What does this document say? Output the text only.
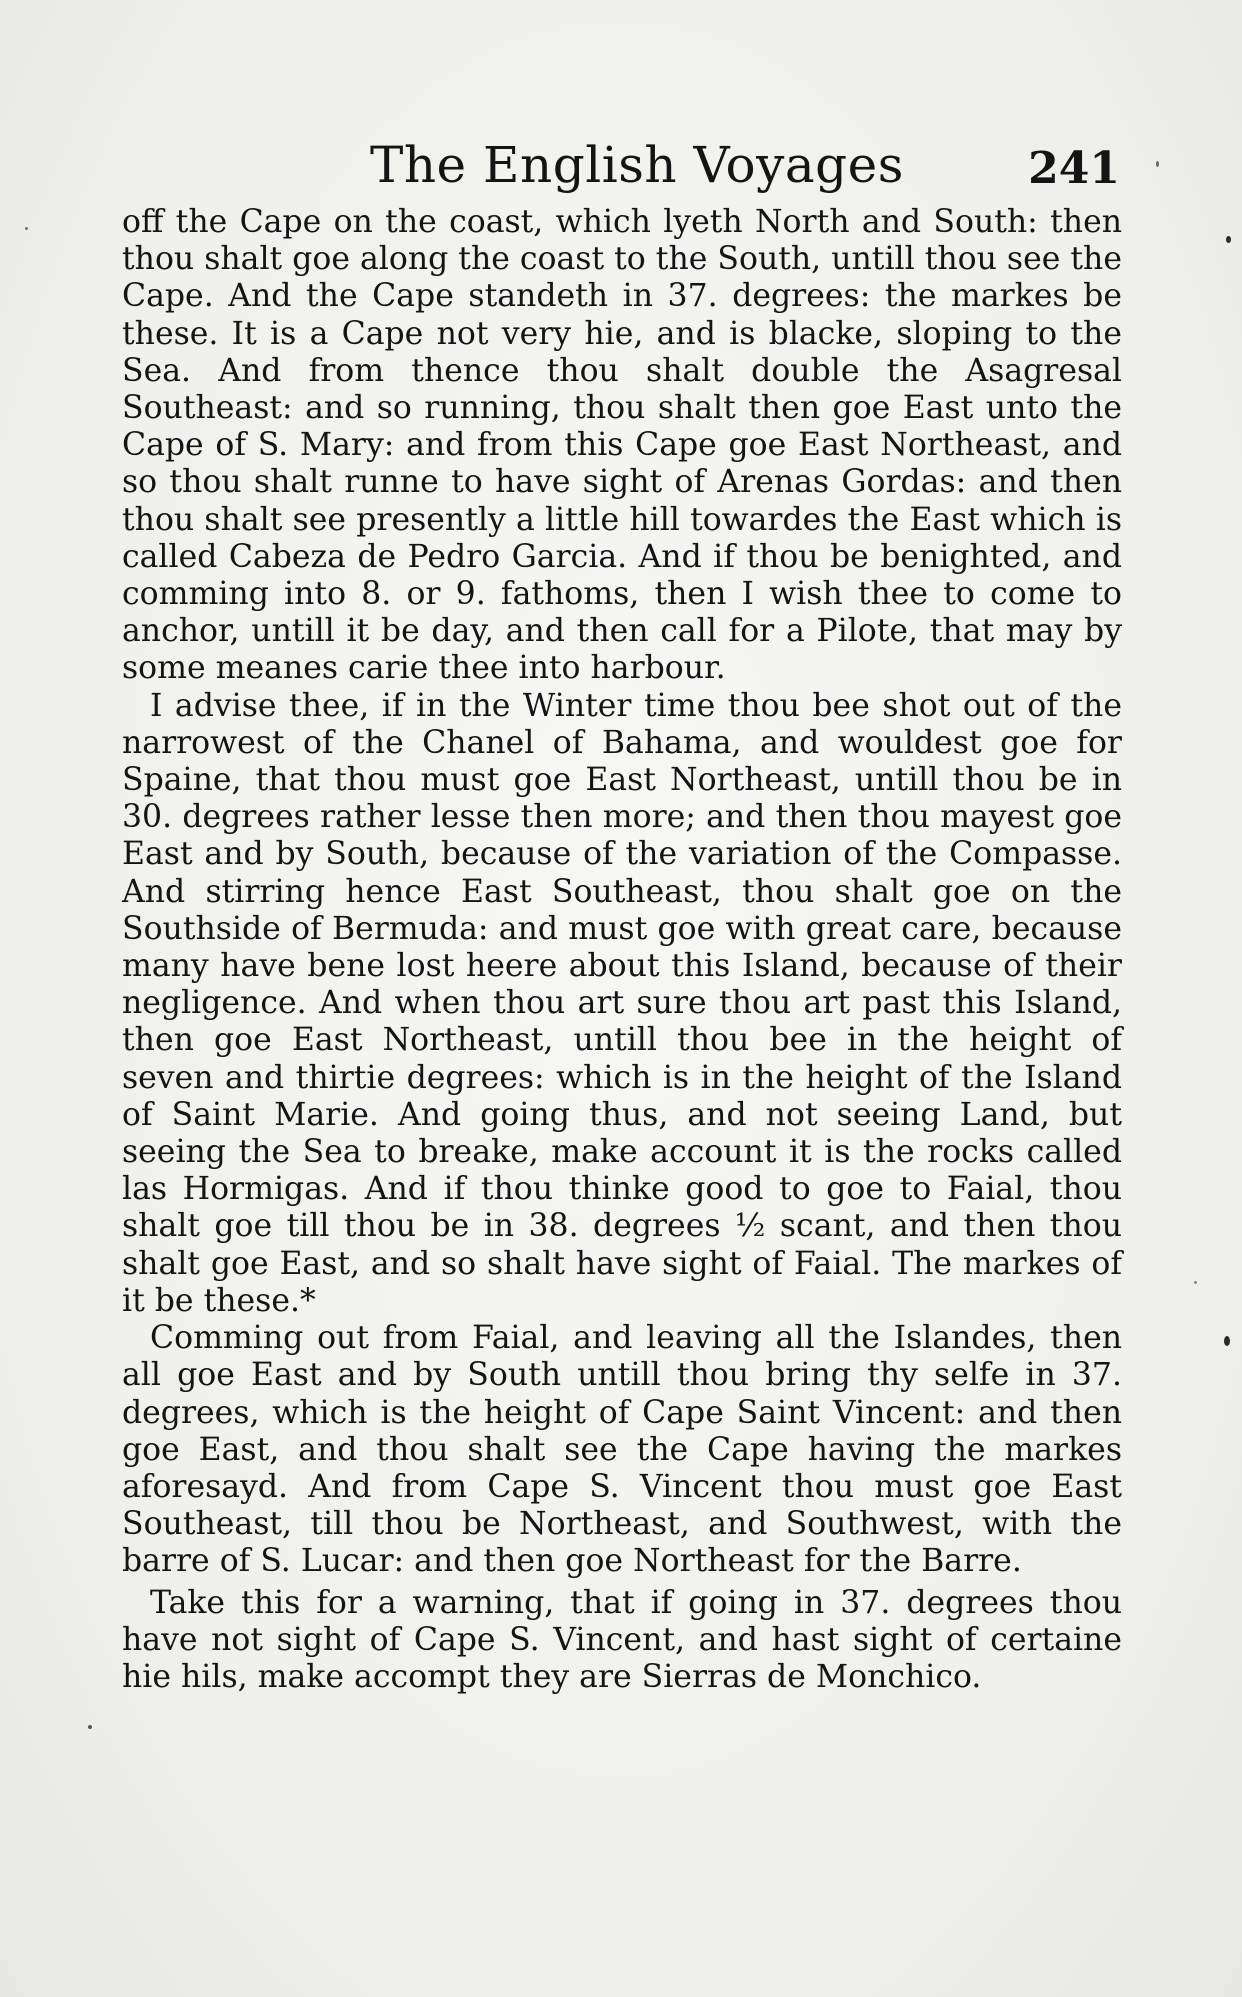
The English Voyages	241

off the Cape on the coast, which lyeth North and South: then thou shalt goe along the coast to the South, untill thou see the Cape. And the Cape standeth in 37. degrees: the markes be these. It is a Cape not very hie, and is blacke, sloping to the Sea. And from thence thou shalt double the Asagresal Southeast: and so running, thou shalt then goe East unto the Cape of S. Mary: and from this Cape goe East Northeast, and so thou shalt runne to have sight of Arenas Gordas: and then thou shalt see presently a little hill towardes the East which is called Cabeza de Pedro Garcia. And if thou be benighted, and comming into 8. or 9. fathoms, then I wish thee to come to anchor, untill it be day, and then call for a Pilote, that may by some meanes carie thee into harbour.

I advise thee, if in the Winter time thou bee shot out of the narrowest of the Chanel of Bahama, and wouldest goe for Spaine, that thou must goe East Northeast, untill thou be in 30. degrees rather lesse then more; and then thou mayest goe East and by South, because of the variation of the Compasse. And stirring hence East Southeast, thou shalt goe on the Southside of Bermuda: and must goe with great care, because many have bene lost heere about this Island, because of their negligence. And when thou art sure thou art past this Island, then goe East Northeast, untill thou bee in the height of seven and thirtie degrees: which is in the height of the Island of Saint Marie. And going thus, and not seeing Land, but seeing the Sea to breake, make account it is the rocks called las Hormigas. And if thou thinke good to goe to Faial, thou shalt goe till thou be in 38. degrees ½ scant, and then thou shalt goe East, and so shalt have sight of Faial. The markes of it be these.*

Comming out from Faial, and leaving all the Islandes, then all goe East and by South untill thou bring thy selfe in 37. degrees, which is the height of Cape Saint Vincent: and then goe East, and thou shalt see the Cape having the markes aforesayd. And from Cape S. Vincent thou must goe East Southeast, till thou be Northeast, and Southwest, with the barre of S. Lucar: and then goe Northeast for the Barre.

Take this for a warning, that if going in 37. degrees thou have not sight of Cape S. Vincent, and hast sight of certaine hie hils, make accompt they are Sierras de Monchico.
